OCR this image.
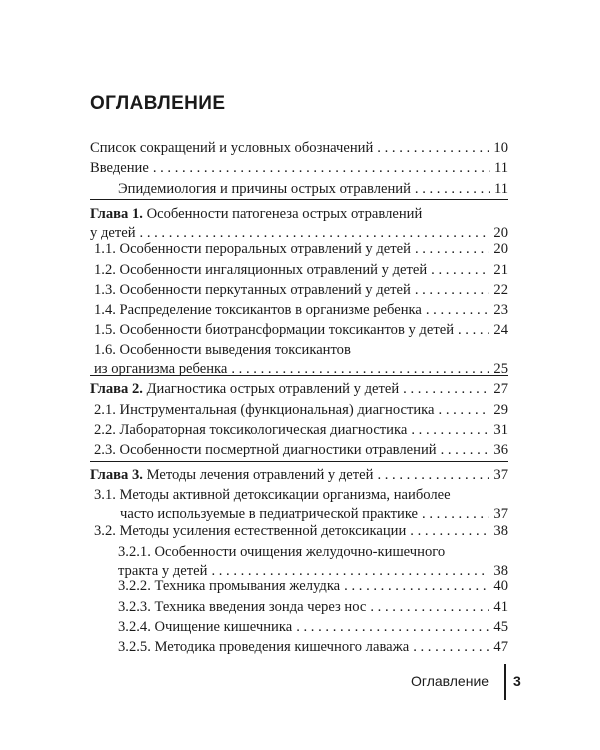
ОГЛАВЛЕНИЕ
Список сокращений и условных обозначений . . .	10
Введение . . .	11
Эпидемиология и причины острых отравлений . . .	11
Глава 1. Особенности патогенеза острых отравлений
у детей . . .	20
1.1. Особенности пероральных отравлений у детей . . .	20
1.2. Особенности ингаляционных отравлений у детей . . .	21
1.3. Особенности перкутанных отравлений у детей . . .	22
1.4. Распределение токсикантов в организме ребенка . . .	23
1.5. Особенности биотрансформации токсикантов у детей . . .	24
1.6. Особенности выведения токсикантов
из организма ребенка . . .	25
Глава 2. Диагностика острых отравлений у детей . . .	27
2.1. Инструментальная (функциональная) диагностика . . .	29
2.2. Лабораторная токсикологическая диагностика . . .	31
2.3. Особенности посмертной диагностики отравлений . . .	36
Глава 3. Методы лечения отравлений у детей . . .	37
3.1. Методы активной детоксикации организма, наиболее
часто используемые в педиатрической практике . . .	37
3.2. Методы усиления естественной детоксикации . . .	38
3.2.1. Особенности очищения желудочно-кишечного
тракта у детей . . .	38
3.2.2. Техника промывания желудка . . .	40
3.2.3. Техника введения зонда через нос . . .	41
3.2.4. Очищение кишечника . . .	45
3.2.5. Методика проведения кишечного лаважа . . .	47
Оглавление 3
